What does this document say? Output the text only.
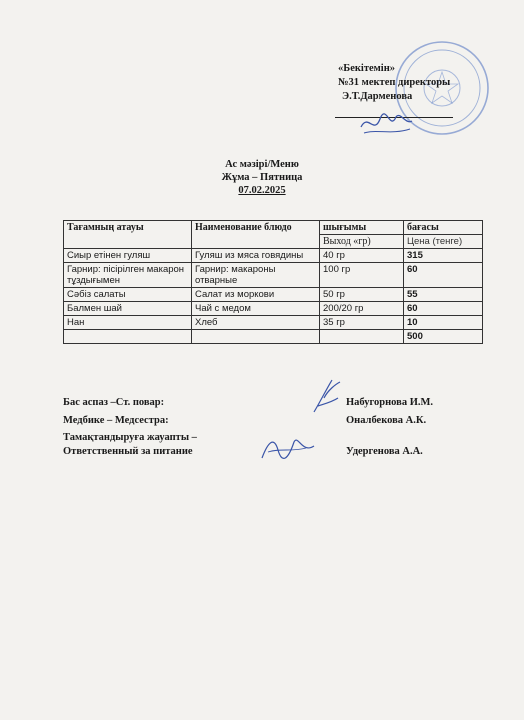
«Бекітемін»
№31 мектеп директоры
Э.Т.Дарменова
Ас мәзірі/Меню
Жұма – Пятница
07.02.2025
Тағамның атауы	Наименование блюдо	шығымы	бағасы
		Выход «гр)	Цена (тенге)
Сиыр етінен гуляш	Гуляш из мяса говядины	40 гр	315
Гарнир: пісірілген макарон тұздығымен	Гарнир: макароны отварные	100 гр	60
Сәбіз салаты	Салат из моркови	50 гр	55
Балмен шай	Чай с медом	200/20 гр	60
Нан	Хлеб	35 гр	10
			500
Бас аспаз –Ст. повар:	Набугорнова И.М.
Медбике – Медсестра:	Оналбекова А.К.
Тамақтандыруға жауапты –
Ответственный за питание	Удергенова А.А.
